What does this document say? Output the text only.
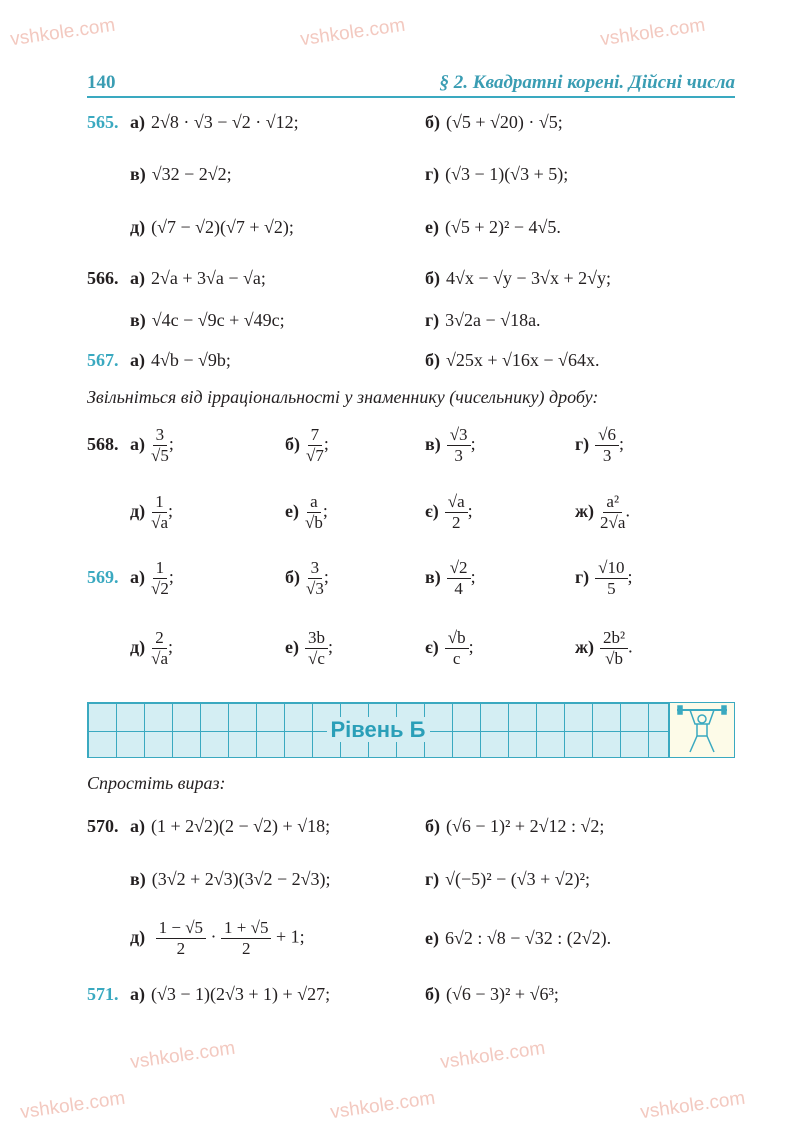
vshkole.com	vshkole.com	vshkole.com
vshkole.com	vshkole.com
vshkole.com	vshkole.com	vshkole.com
140	§ 2. Квадратні корені. Дійсні числа
565. а) 2√8 · √3 − √2 · √12;	б) (√5 + √20) · √5;
в) √32 − 2√2;	г) (√3 − 1)(√3 + 5);
д) (√7 − √2)(√7 + √2);	е) (√5 + 2)² − 4√5.
566. а) 2√a + 3√a − √a;	б) 4√x − √y − 3√x + 2√y;
в) √4c − √9c + √49c;	г) 3√2a − √18a.
567. а) 4√b − √9b;	б) √25x + √16x − √64x.
Звільніться від ірраціональності у знаменнику (чисельнику) дробу:
568. $а) \frac{3}{√5}$ ;	$б) \frac{7}{√7}$ ;	$в) \frac{√3}{3}$ ;	$г) \frac{√6}{3}$ ;
$д) \frac{1}{√a}$ ;	$е) \frac{a}{√b}$ ;	$є) \frac{√a}{2}$ ;	$ж) \frac{\text{a²}}{2√a}$ .
569. $а) \frac{1}{√2}$ ;	$б) \frac{3}{√3}$ ;	$в) \frac{√2}{4}$ ;	$г) \frac{√10}{5}$ ;
$д) \frac{2}{√a}$ ;	$е) \frac{3b}{√c}$ ;	$є) \frac{√b}{c}$ ;	$ж) \frac{\text{2b²}}{√b}$ .
Рівень Б
Спростіть вираз:
570. а) (1 + 2√2)(2 − √2) + √18;	б) (√6 − 1)² + 2√12 : √2;
в) (3√2 + 2√3)(3√2 − 2√3);	г) √(−5)² − (√3 + √2)²;
$д) \frac{1 - √5}{2} \cdot \frac{1 + √5}{2} + 1$;	е) 6√2 : √8 − √32 : (2√2).
571. а) (√3 − 1)(2√3 + 1) + √27;	б) (√6 − 3)² + √6³;
